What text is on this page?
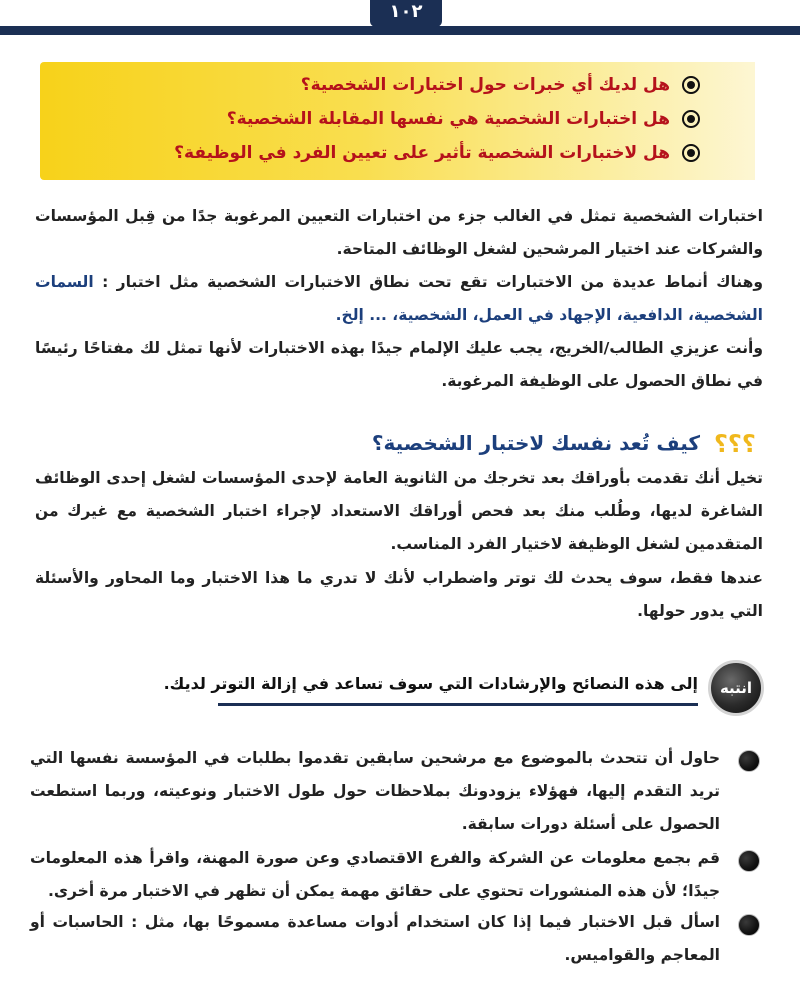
١٠٢
هل لديك أي خبرات حول اختبارات الشخصية؟
هل اختبارات الشخصية هي نفسها المقابلة الشخصية؟
هل لاختبارات الشخصية تأثير على تعيين الفرد في الوظيفة؟
اختبارات الشخصية تمثل في الغالب جزء من اختبارات التعيين المرغوبة جدًا من قِبل المؤسسات والشركات عند اختيار المرشحين لشغل الوظائف المتاحة.
وهناك أنماط عديدة من الاختبارات تقع تحت نطاق الاختبارات الشخصية مثل اختبار : السمات الشخصية، الدافعية، الإجهاد في العمل، الشخصية، ... إلخ.
وأنت عزيزي الطالب/الخريج، يجب عليك الإلمام جيدًا بهذه الاختبارات لأنها تمثل لك مفتاحًا رئيسًا في نطاق الحصول على الوظيفة المرغوبة.
؟؟؟
كيف تُعد نفسك لاختبار الشخصية؟
تخيل أنك تقدمت بأوراقك بعد تخرجك من الثانوية العامة لإحدى المؤسسات لشغل إحدى الوظائف الشاغرة لديها، وطُلب منك بعد فحص أوراقك الاستعداد لإجراء اختبار الشخصية مع غيرك من المتقدمين لشغل الوظيفة لاختيار الفرد المناسب.
عندها فقط، سوف يحدث لك توتر واضطراب لأنك لا تدري ما هذا الاختبار وما المحاور والأسئلة التي يدور حولها.
انتبه
إلى هذه النصائح والإرشادات التي سوف تساعد في إزالة التوتر لديك.
حاول أن تتحدث بالموضوع مع مرشحين سابقين تقدموا بطلبات في المؤسسة نفسها التي تريد التقدم إليها، فهؤلاء يزودونك بملاحظات حول طول الاختبار ونوعيته، وربما استطعت الحصول على أسئلة دورات سابقة.
قم بجمع معلومات عن الشركة والفرع الاقتصادي وعن صورة المهنة، واقرأ هذه المعلومات جيدًا؛ لأن هذه المنشورات تحتوي على حقائق مهمة يمكن أن تظهر في الاختبار مرة أخرى.
اسأل قبل الاختبار فيما إذا كان استخدام أدوات مساعدة مسموحًا بها، مثل : الحاسبات أو المعاجم والقواميس.
